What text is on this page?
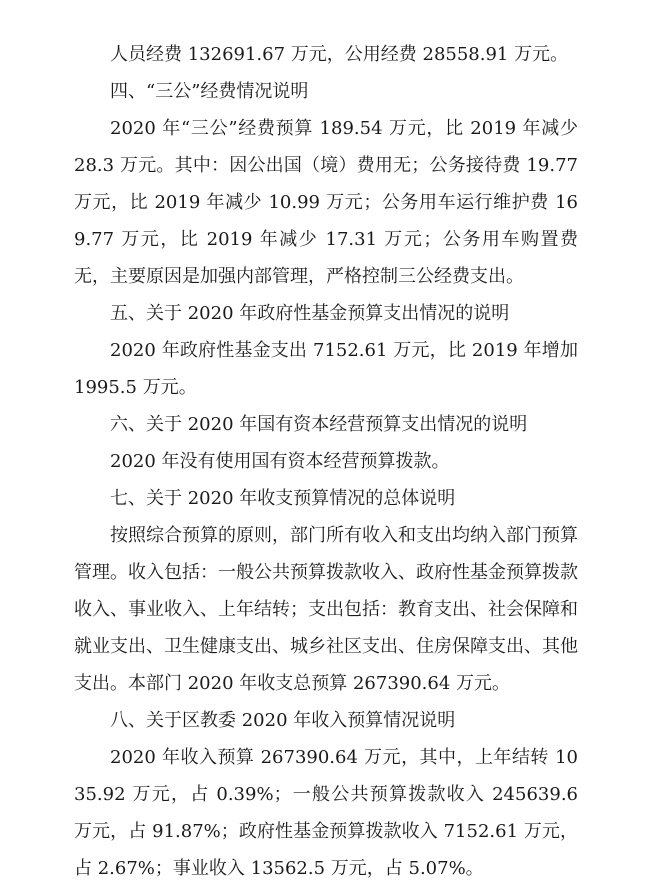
人员经费 132691.67 万元，公用经费 28558.91 万元。

四、“三公”经费情况说明

2020 年“三公”经费预算 189.54 万元，比 2019 年减少 28.3 万元。其中：因公出国（境）费用无；公务接待费 19.77 万元，比 2019 年减少 10.99 万元；公务用车运行维护费 169.77 万元，比 2019 年减少 17.31 万元；公务用车购置费无，主要原因是加强内部管理，严格控制三公经费支出。

五、关于 2020 年政府性基金预算支出情况的说明

2020 年政府性基金支出 7152.61 万元，比 2019 年增加 1995.5 万元。

六、关于 2020 年国有资本经营预算支出情况的说明

2020 年没有使用国有资本经营预算拨款。

七、关于 2020 年收支预算情况的总体说明

按照综合预算的原则，部门所有收入和支出均纳入部门预算管理。收入包括：一般公共预算拨款收入、政府性基金预算拨款收入、事业收入、上年结转；支出包括：教育支出、社会保障和就业支出、卫生健康支出、城乡社区支出、住房保障支出、其他支出。本部门 2020 年收支总预算 267390.64 万元。

八、关于区教委 2020 年收入预算情况说明

2020 年收入预算 267390.64 万元，其中，上年结转 1035.92 万元，占 0.39%；一般公共预算拨款收入 245639.6 万元，占 91.87%；政府性基金预算拨款收入 7152.61 万元，占 2.67%；事业收入 13562.5 万元，占 5.07%。
